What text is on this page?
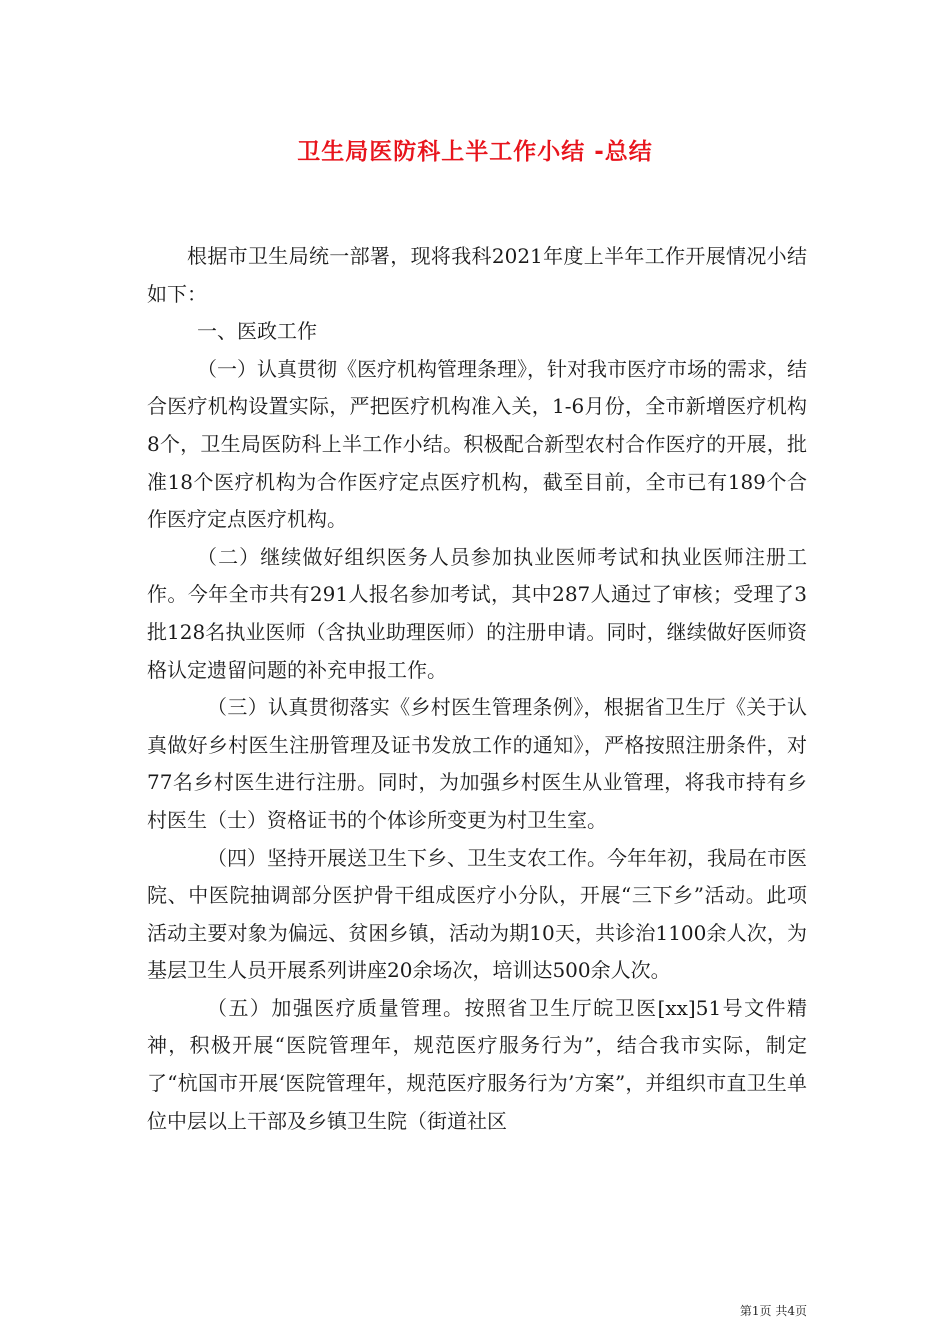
卫生局医防科上半工作小结 -总结

根据市卫生局统一部署，现将我科2021年度上半年工作开展情况小结如下：

一、医政工作

（一）认真贯彻《医疗机构管理条理》，针对我市医疗市场的需求，结合医疗机构设置实际，严把医疗机构准入关，1-6月份，全市新增医疗机构8个，卫生局医防科上半工作小结。积极配合新型农村合作医疗的开展，批准18个医疗机构为合作医疗定点医疗机构，截至目前，全市已有189个合作医疗定点医疗机构。

（二）继续做好组织医务人员参加执业医师考试和执业医师注册工作。今年全市共有291人报名参加考试，其中287人通过了审核；受理了3批128名执业医师（含执业助理医师）的注册申请。同时，继续做好医师资格认定遗留问题的补充申报工作。

（三）认真贯彻落实《乡村医生管理条例》，根据省卫生厅《关于认真做好乡村医生注册管理及证书发放工作的通知》，严格按照注册条件，对77名乡村医生进行注册。同时，为加强乡村医生从业管理，将我市持有乡村医生（士）资格证书的个体诊所变更为村卫生室。

（四）坚持开展送卫生下乡、卫生支农工作。今年年初，我局在市医院、中医院抽调部分医护骨干组成医疗小分队，开展“三下乡”活动。此项活动主要对象为偏远、贫困乡镇，活动为期10天，共诊治1100余人次，为基层卫生人员开展系列讲座20余场次，培训达500余人次。

（五）加强医疗质量管理。按照省卫生厅皖卫医[xx]51号文件精神，积极开展“医院管理年，规范医疗服务行为”，结合我市实际，制定了“杭国市开展‘医院管理年，规范医疗服务行为’方案”，并组织市直卫生单位中层以上干部及乡镇卫生院（街道社区

第1页 共4页
